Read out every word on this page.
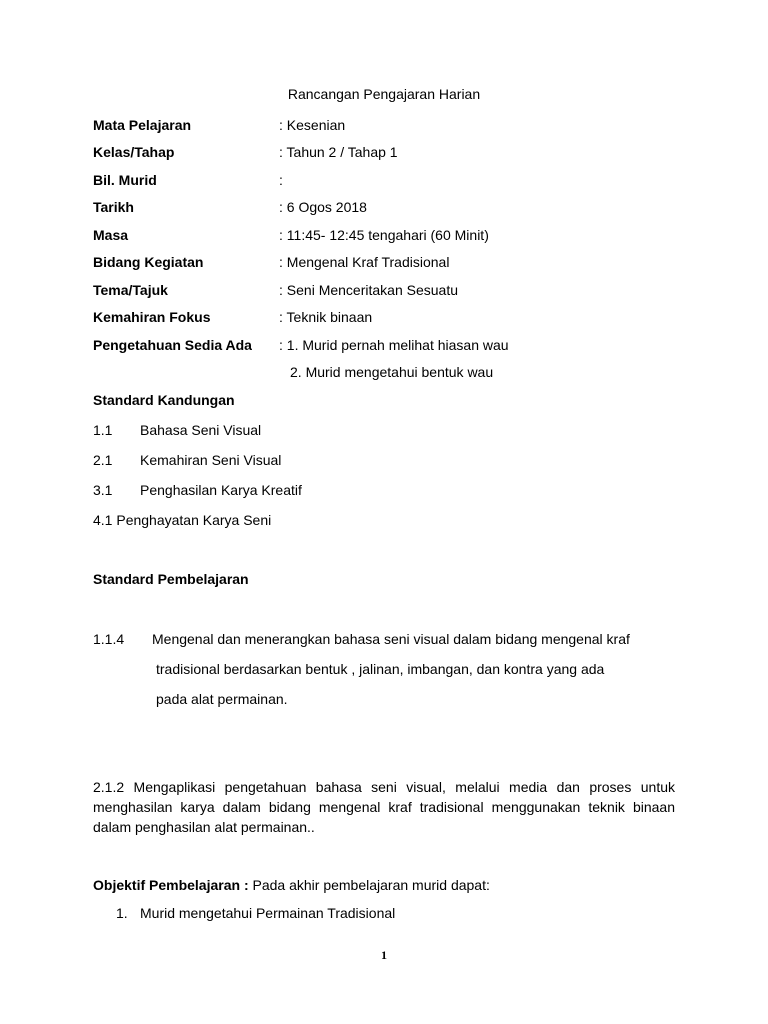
Rancangan Pengajaran Harian
Mata Pelajaran	: Kesenian
Kelas/Tahap	: Tahun 2 / Tahap 1
Bil. Murid	:
Tarikh	: 6 Ogos 2018
Masa	: 11:45- 12:45 tengahari (60 Minit)
Bidang Kegiatan	: Mengenal Kraf Tradisional
Tema/Tajuk	: Seni Menceritakan Sesuatu
Kemahiran Fokus	: Teknik binaan
Pengetahuan Sedia Ada : 1. Murid pernah melihat hiasan wau
2. Murid mengetahui bentuk wau
Standard Kandungan
1.1 Bahasa Seni Visual
2.1 Kemahiran Seni Visual
3.1 Penghasilan Karya Kreatif
4.1 Penghayatan Karya Seni
Standard Pembelajaran
1.1.4 Mengenal dan menerangkan bahasa seni visual dalam bidang mengenal kraf
tradisional berdasarkan bentuk , jalinan, imbangan, dan kontra yang ada
pada alat permainan.
2.1.2 Mengaplikasi pengetahuan bahasa seni visual, melalui media dan proses untuk menghasilan karya dalam bidang mengenal kraf tradisional menggunakan teknik binaan dalam penghasilan alat permainan..
Objektif Pembelajaran : Pada akhir pembelajaran murid dapat:
1. Murid mengetahui Permainan Tradisional
1
